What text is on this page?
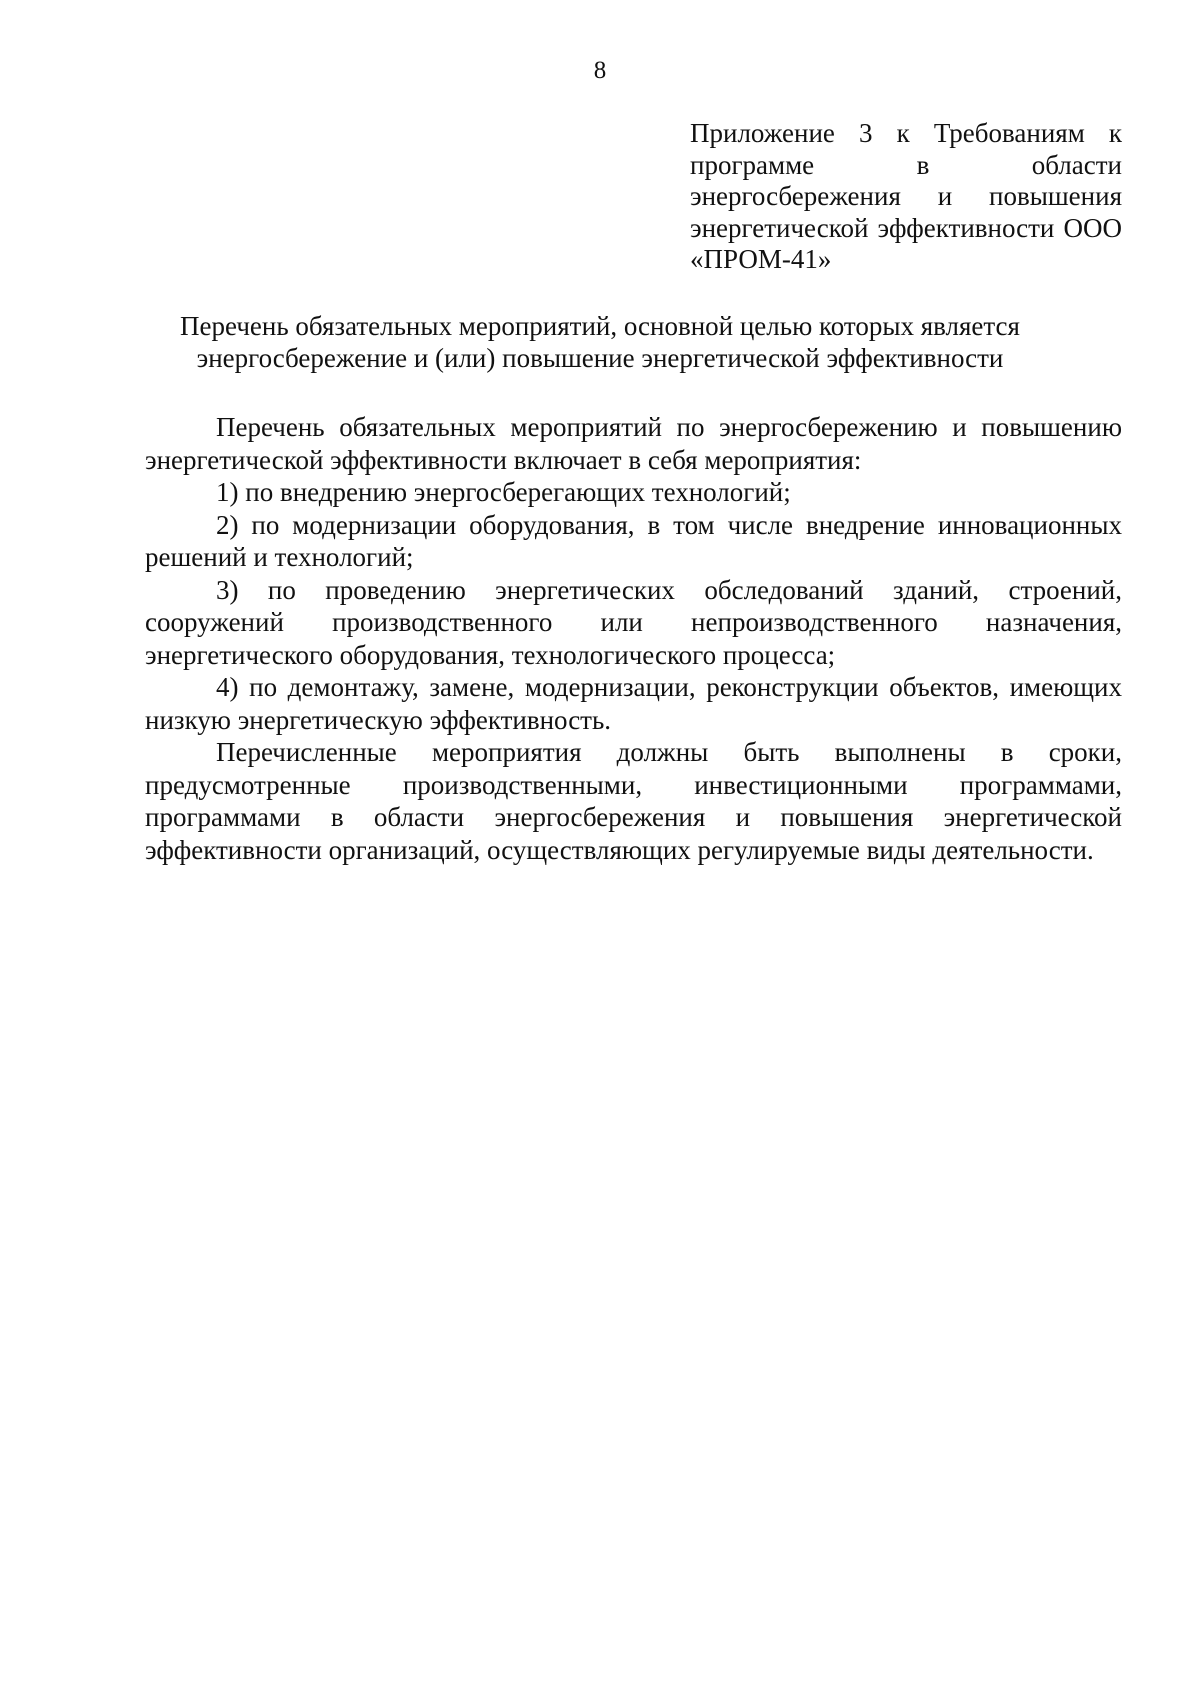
8
Приложение 3 к Требованиям к программе в области энергосбережения и повышения энергетической эффективности ООО «ПРОМ-41»
Перечень обязательных мероприятий, основной целью которых является
энергосбережение и (или) повышение энергетической эффективности

Перечень обязательных мероприятий по энергосбережению и повышению энергетической эффективности включает в себя мероприятия:

1) по внедрению энергосберегающих технологий;

2) по модернизации оборудования, в том числе внедрение инновационных решений и технологий;

3) по проведению энергетических обследований зданий, строений, сооружений производственного или непроизводственного назначения, энергетического оборудования, технологического процесса;

4) по демонтажу, замене, модернизации, реконструкции объектов, имеющих низкую энергетическую эффективность.

Перечисленные мероприятия должны быть выполнены в сроки, предусмотренные производственными, инвестиционными программами, программами в области энергосбережения и повышения энергетической эффективности организаций, осуществляющих регулируемые виды деятельности.
